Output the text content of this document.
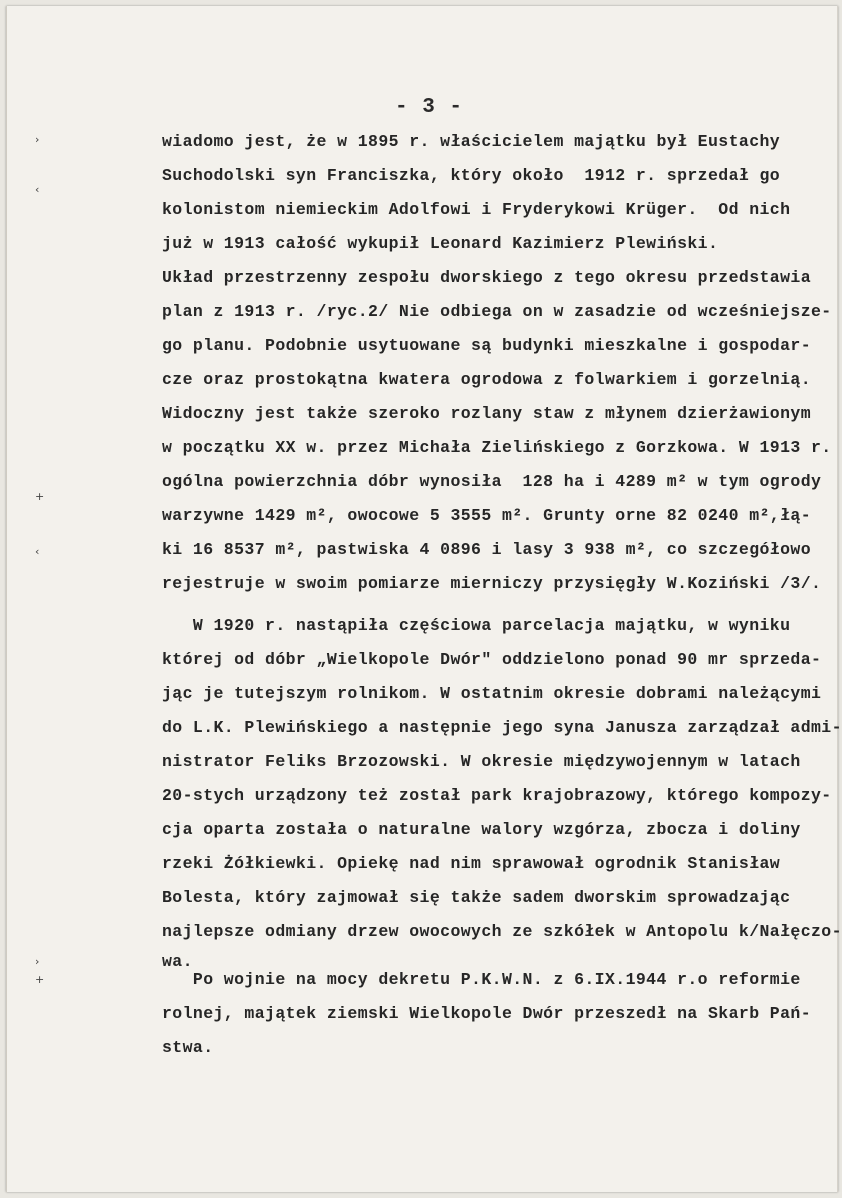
- 3 -
wiadomo jest, że w 1895 r. właścicielem majątku był Eustachy
Suchodolski syn Franciszka, który około  1912 r. sprzedał go
kolonistom niemieckim Adolfowi i Fryderykowi Krüger.  Od nich
już w 1913 całość wykupił Leonard Kazimierz Plewiński.
Układ przestrzenny zespołu dworskiego z tego okresu przedstawia
plan z 1913 r. /ryc.2/ Nie odbiega on w zasadzie od wcześniejsze-
go planu. Podobnie usytuowane są budynki mieszkalne i gospodar-
cze oraz prostokątna kwatera ogrodowa z folwarkiem i gorzelnią.
Widoczny jest także szeroko rozlany staw z młynem dzierżawionym
w początku XX w. przez Michała Zielińskiego z Gorzkowa. W 1913 r.
ogólna powierzchnia dóbr wynosiła  128 ha i 4289 m² w tym ogrody
warzywne 1429 m², owocowe 5 3555 m². Grunty orne 82 0240 m²,łą-
ki 16 8537 m², pastwiska 4 0896 i lasy 3 938 m², co szczegółowo
rejestruje w swoim pomiarze mierniczy przysięgły W.Koziński /3/.
W 1920 r. nastąpiła częściowa parcelacja majątku, w wyniku
której od dóbr „Wielkopole Dwór" oddzielono ponad 90 mr sprzeda-
jąc je tutejszym rolnikom. W ostatnim okresie dobrami należącymi
do L.K. Plewińskiego a następnie jego syna Janusza zarządzał admi-
nistrator Feliks Brzozowski. W okresie międzywojennym w latach
20-stych urządzony też został park krajobrazowy, którego kompozy-
cja oparta została o naturalne walory wzgórza, zbocza i doliny
rzeki Żółkiewki. Opiekę nad nim sprawował ogrodnik Stanisław
Bolesta, który zajmował się także sadem dworskim sprowadzając
najlepsze odmiany drzew owocowych ze szkółek w Antopolu k/Nałęczo-
wa.
Po wojnie na mocy dekretu P.K.W.N. z 6.IX.1944 r.o reformie
rolnej, majątek ziemski Wielkopole Dwór przeszedł na Skarb Pań-
stwa.
›
‹
+
‹
›
+
